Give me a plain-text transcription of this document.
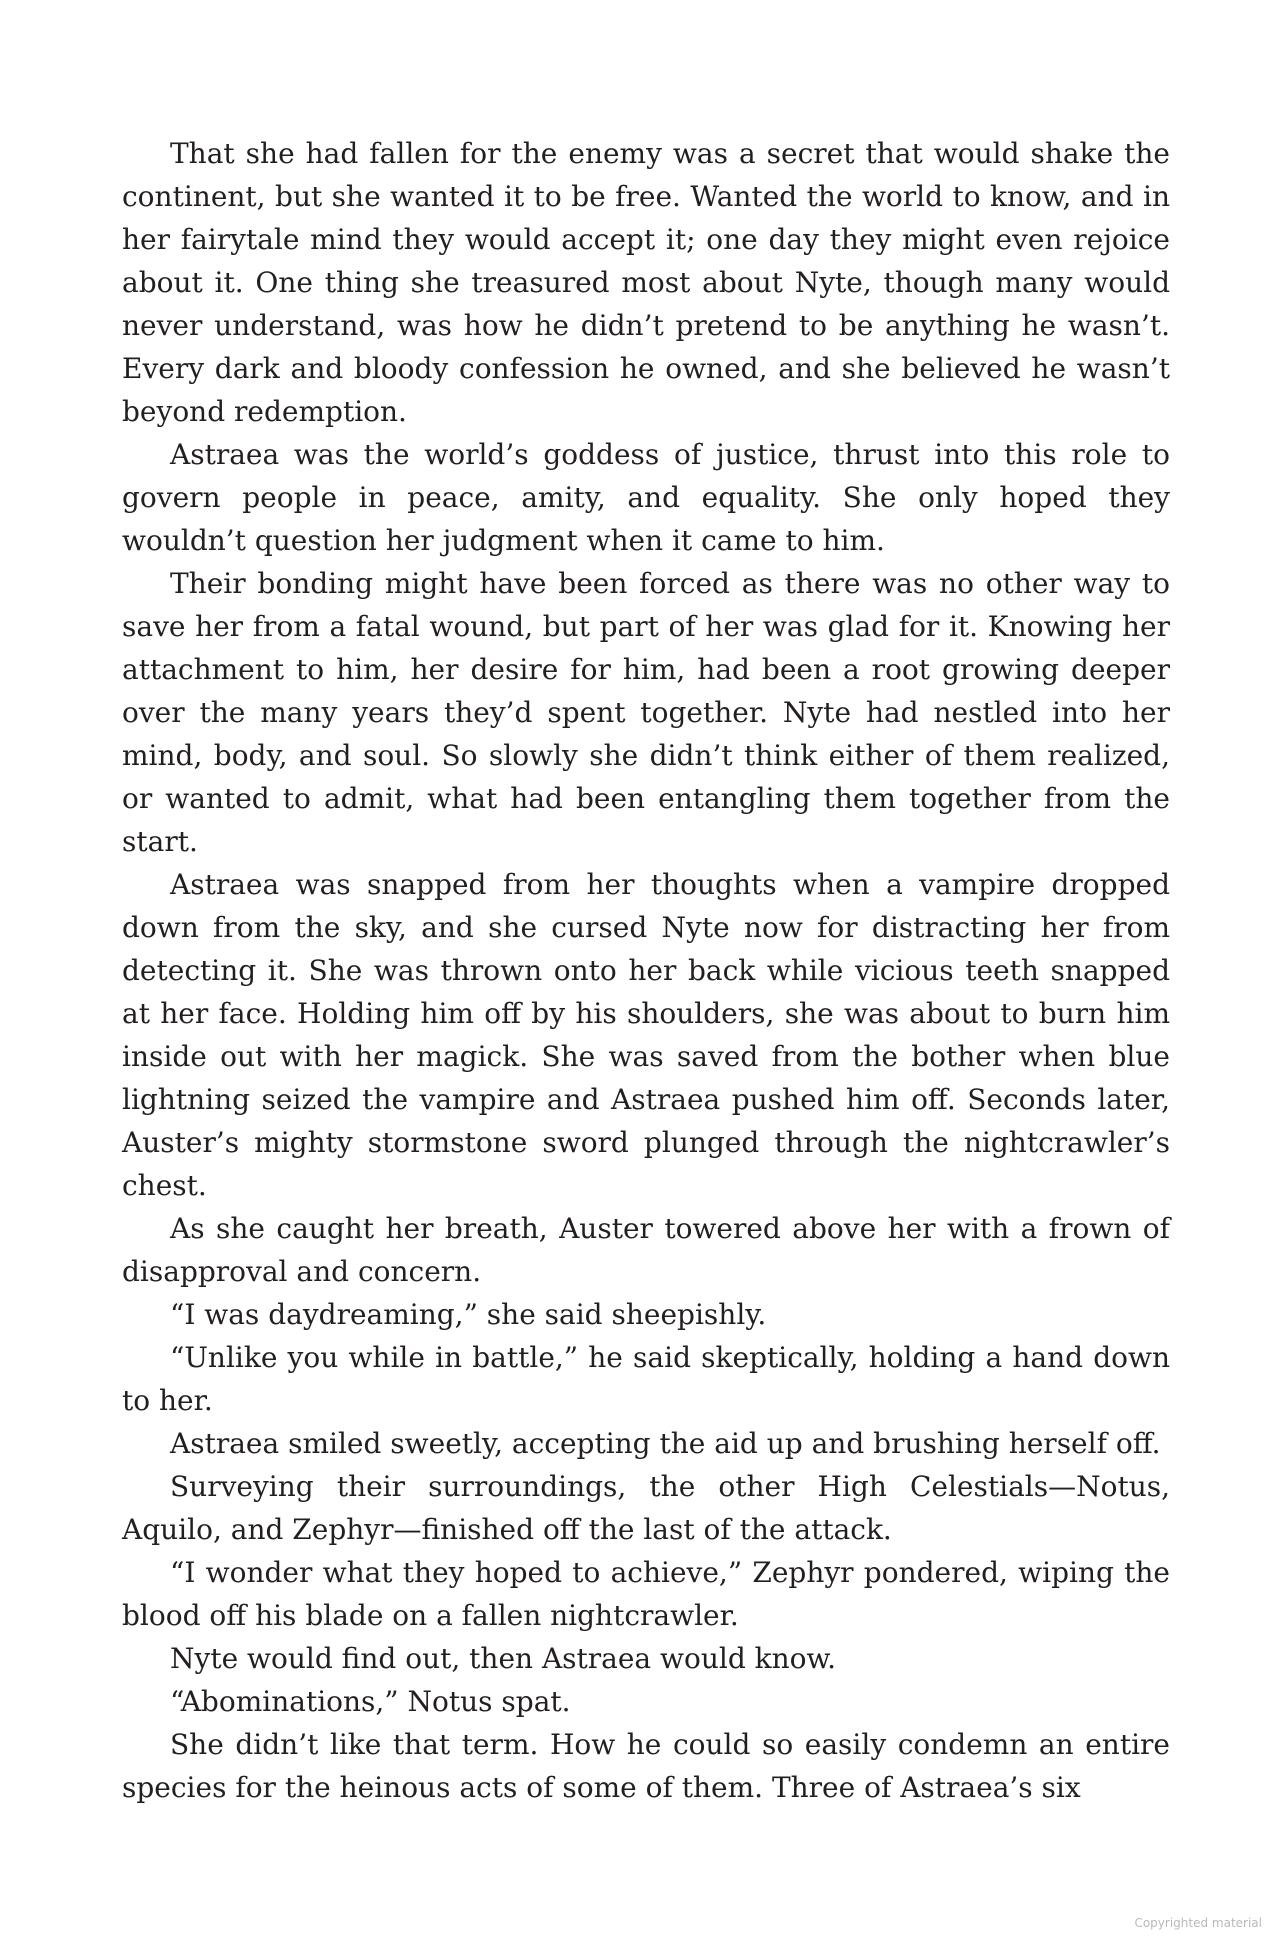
That she had fallen for the enemy was a secret that would shake the continent, but she wanted it to be free. Wanted the world to know, and in her fairytale mind they would accept it; one day they might even rejoice about it. One thing she treasured most about Nyte, though many would never understand, was how he didn’t pretend to be anything he wasn’t. Every dark and bloody confession he owned, and she believed he wasn’t beyond redemption.

Astraea was the world’s goddess of justice, thrust into this role to govern people in peace, amity, and equality. She only hoped they wouldn’t question her judgment when it came to him.

Their bonding might have been forced as there was no other way to save her from a fatal wound, but part of her was glad for it. Knowing her attachment to him, her desire for him, had been a root growing deeper over the many years they’d spent together. Nyte had nestled into her mind, body, and soul. So slowly she didn’t think either of them realized, or wanted to admit, what had been entangling them together from the start.

Astraea was snapped from her thoughts when a vampire dropped down from the sky, and she cursed Nyte now for distracting her from detecting it. She was thrown onto her back while vicious teeth snapped at her face. Holding him off by his shoulders, she was about to burn him inside out with her magick. She was saved from the bother when blue lightning seized the vampire and Astraea pushed him off. Seconds later, Auster’s mighty stormstone sword plunged through the nightcrawler’s chest.

As she caught her breath, Auster towered above her with a frown of disapproval and concern.

“I was daydreaming,” she said sheepishly.

“Unlike you while in battle,” he said skeptically, holding a hand down to her.

Astraea smiled sweetly, accepting the aid up and brushing herself off.

Surveying their surroundings, the other High Celestials—Notus, Aquilo, and Zephyr—finished off the last of the attack.

“I wonder what they hoped to achieve,” Zephyr pondered, wiping the blood off his blade on a fallen nightcrawler.

Nyte would find out, then Astraea would know.

“Abominations,” Notus spat.

She didn’t like that term. How he could so easily condemn an entire species for the heinous acts of some of them. Three of Astraea’s six

Copyrighted material
